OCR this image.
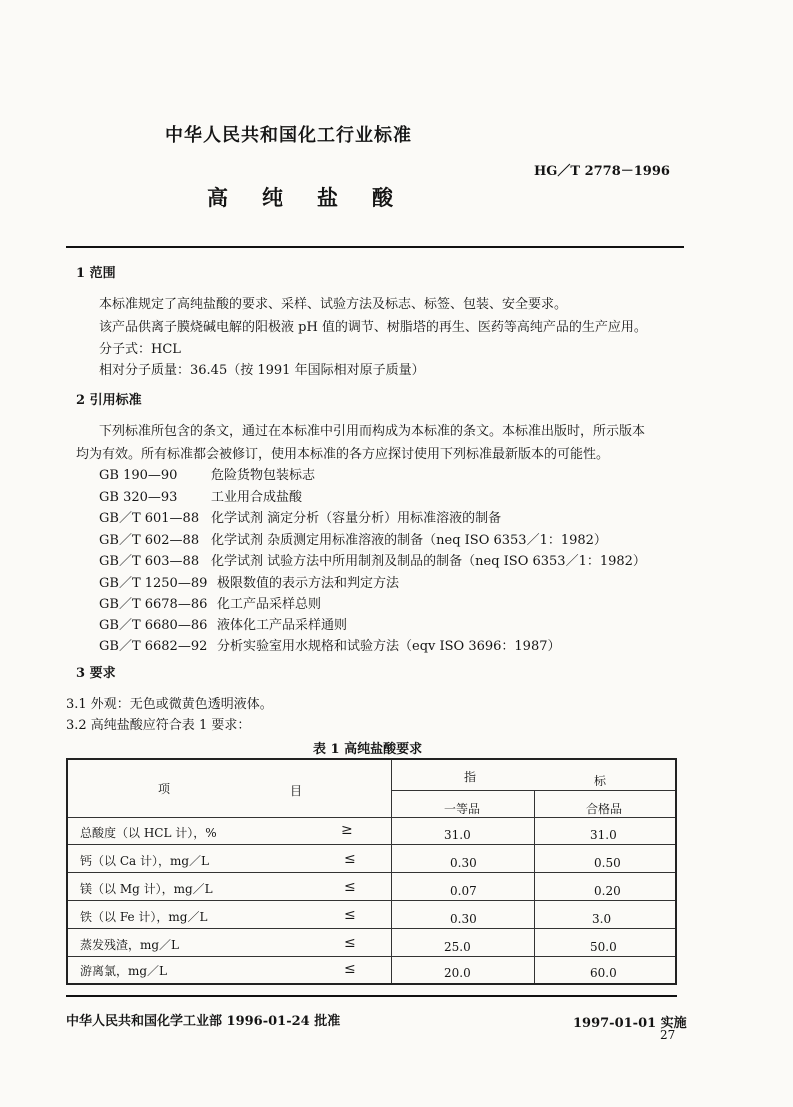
中华人民共和国化工行业标准
HG／T 2778－1996
高纯盐酸
1 范围
本标准规定了高纯盐酸的要求、采样、试验方法及标志、标签、包装、安全要求。
该产品供离子膜烧碱电解的阳极液 pH 值的调节、树脂塔的再生、医药等高纯产品的生产应用。
分子式：HCL
相对分子质量：36.45（按 1991 年国际相对原子质量）
2 引用标准
下列标准所包含的条文，通过在本标准中引用而构成为本标准的条文。本标准出版时，所示版本
均为有效。所有标准都会被修订，使用本标准的各方应探讨使用下列标准最新版本的可能性。
GB 190—90	危险货物包装标志
GB 320—93	工业用合成盐酸
GB／T 601—88 化学试剂 滴定分析（容量分析）用标准溶液的制备
GB／T 602—88 化学试剂 杂质测定用标准溶液的制备（neq ISO 6353／1：1982）
GB／T 603—88 化学试剂 试验方法中所用制剂及制品的制备（neq ISO 6353／1：1982）
GB／T 1250—89 极限数值的表示方法和判定方法
GB／T 6678—86 化工产品采样总则
GB／T 6680—86 液体化工产品采样通则
GB／T 6682—92 分析实验室用水规格和试验方法（eqv ISO 3696：1987）
3 要求
3.1 外观：无色或微黄色透明液体。
3.2 高纯盐酸应符合表 1 要求：
表 1 高纯盐酸要求
项	目
指	标
一等品	合格品
总酸度（以 HCL 计），%	≥	31.0	31.0
钙（以 Ca 计），mg／L	≤	0.30	0.50
镁（以 Mg 计），mg／L	≤	0.07	0.20
铁（以 Fe 计），mg／L	≤	0.30	3.0
蒸发残渣，mg／L	≤	25.0	50.0
游离氯，mg／L	≤	20.0	60.0
中华人民共和国化学工业部 1996-01-24 批准	1997-01-01 实施
27
